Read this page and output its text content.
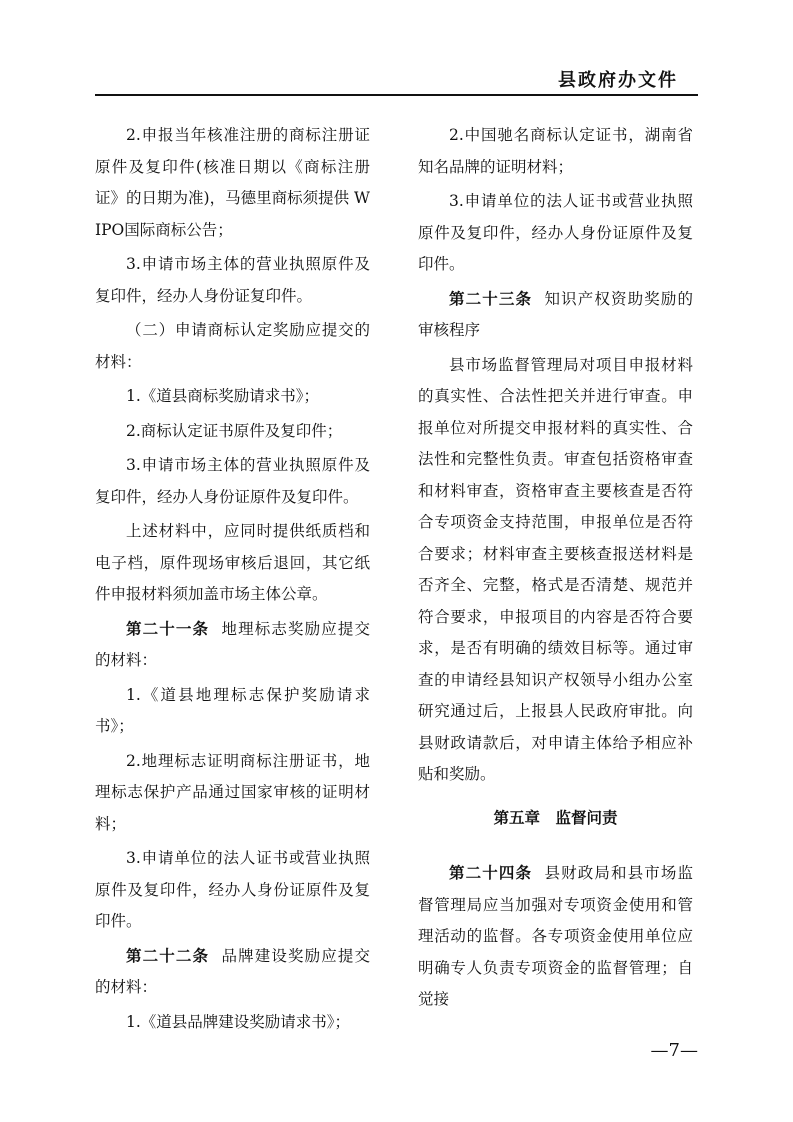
县政府办文件

2.申报当年核准注册的商标注册证原件及复印件(核准日期以《商标注册证》的日期为准)，马德里商标须提供 WIPO国际商标公告；

3.申请市场主体的营业执照原件及复印件，经办人身份证复印件。

（二）申请商标认定奖励应提交的材料：

1.《道县商标奖励请求书》；

2.商标认定证书原件及复印件；

3.申请市场主体的营业执照原件及复印件，经办人身份证原件及复印件。

上述材料中，应同时提供纸质档和电子档，原件现场审核后退回，其它纸件申报材料须加盖市场主体公章。

第二十一条 地理标志奖励应提交的材料：

1.《道县地理标志保护奖励请求书》；

2.地理标志证明商标注册证书，地理标志保护产品通过国家审核的证明材料；

3.申请单位的法人证书或营业执照原件及复印件，经办人身份证原件及复印件。

第二十二条 品牌建设奖励应提交的材料：

1.《道县品牌建设奖励请求书》；

2.中国驰名商标认定证书，湖南省知名品牌的证明材料；

3.申请单位的法人证书或营业执照原件及复印件，经办人身份证原件及复印件。

第二十三条 知识产权资助奖励的审核程序

县市场监督管理局对项目申报材料的真实性、合法性把关并进行审查。申报单位对所提交申报材料的真实性、合法性和完整性负责。审查包括资格审查和材料审查，资格审查主要核查是否符合专项资金支持范围，申报单位是否符合要求；材料审查主要核查报送材料是否齐全、完整，格式是否清楚、规范并符合要求，申报项目的内容是否符合要求，是否有明确的绩效目标等。通过审查的申请经县知识产权领导小组办公室研究通过后，上报县人民政府审批。向县财政请款后，对申请主体给予相应补贴和奖励。

第五章　监督问责

第二十四条 县财政局和县市场监督管理局应当加强对专项资金使用和管理活动的监督。各专项资金使用单位应明确专人负责专项资金的监督管理；自觉接

—7—
